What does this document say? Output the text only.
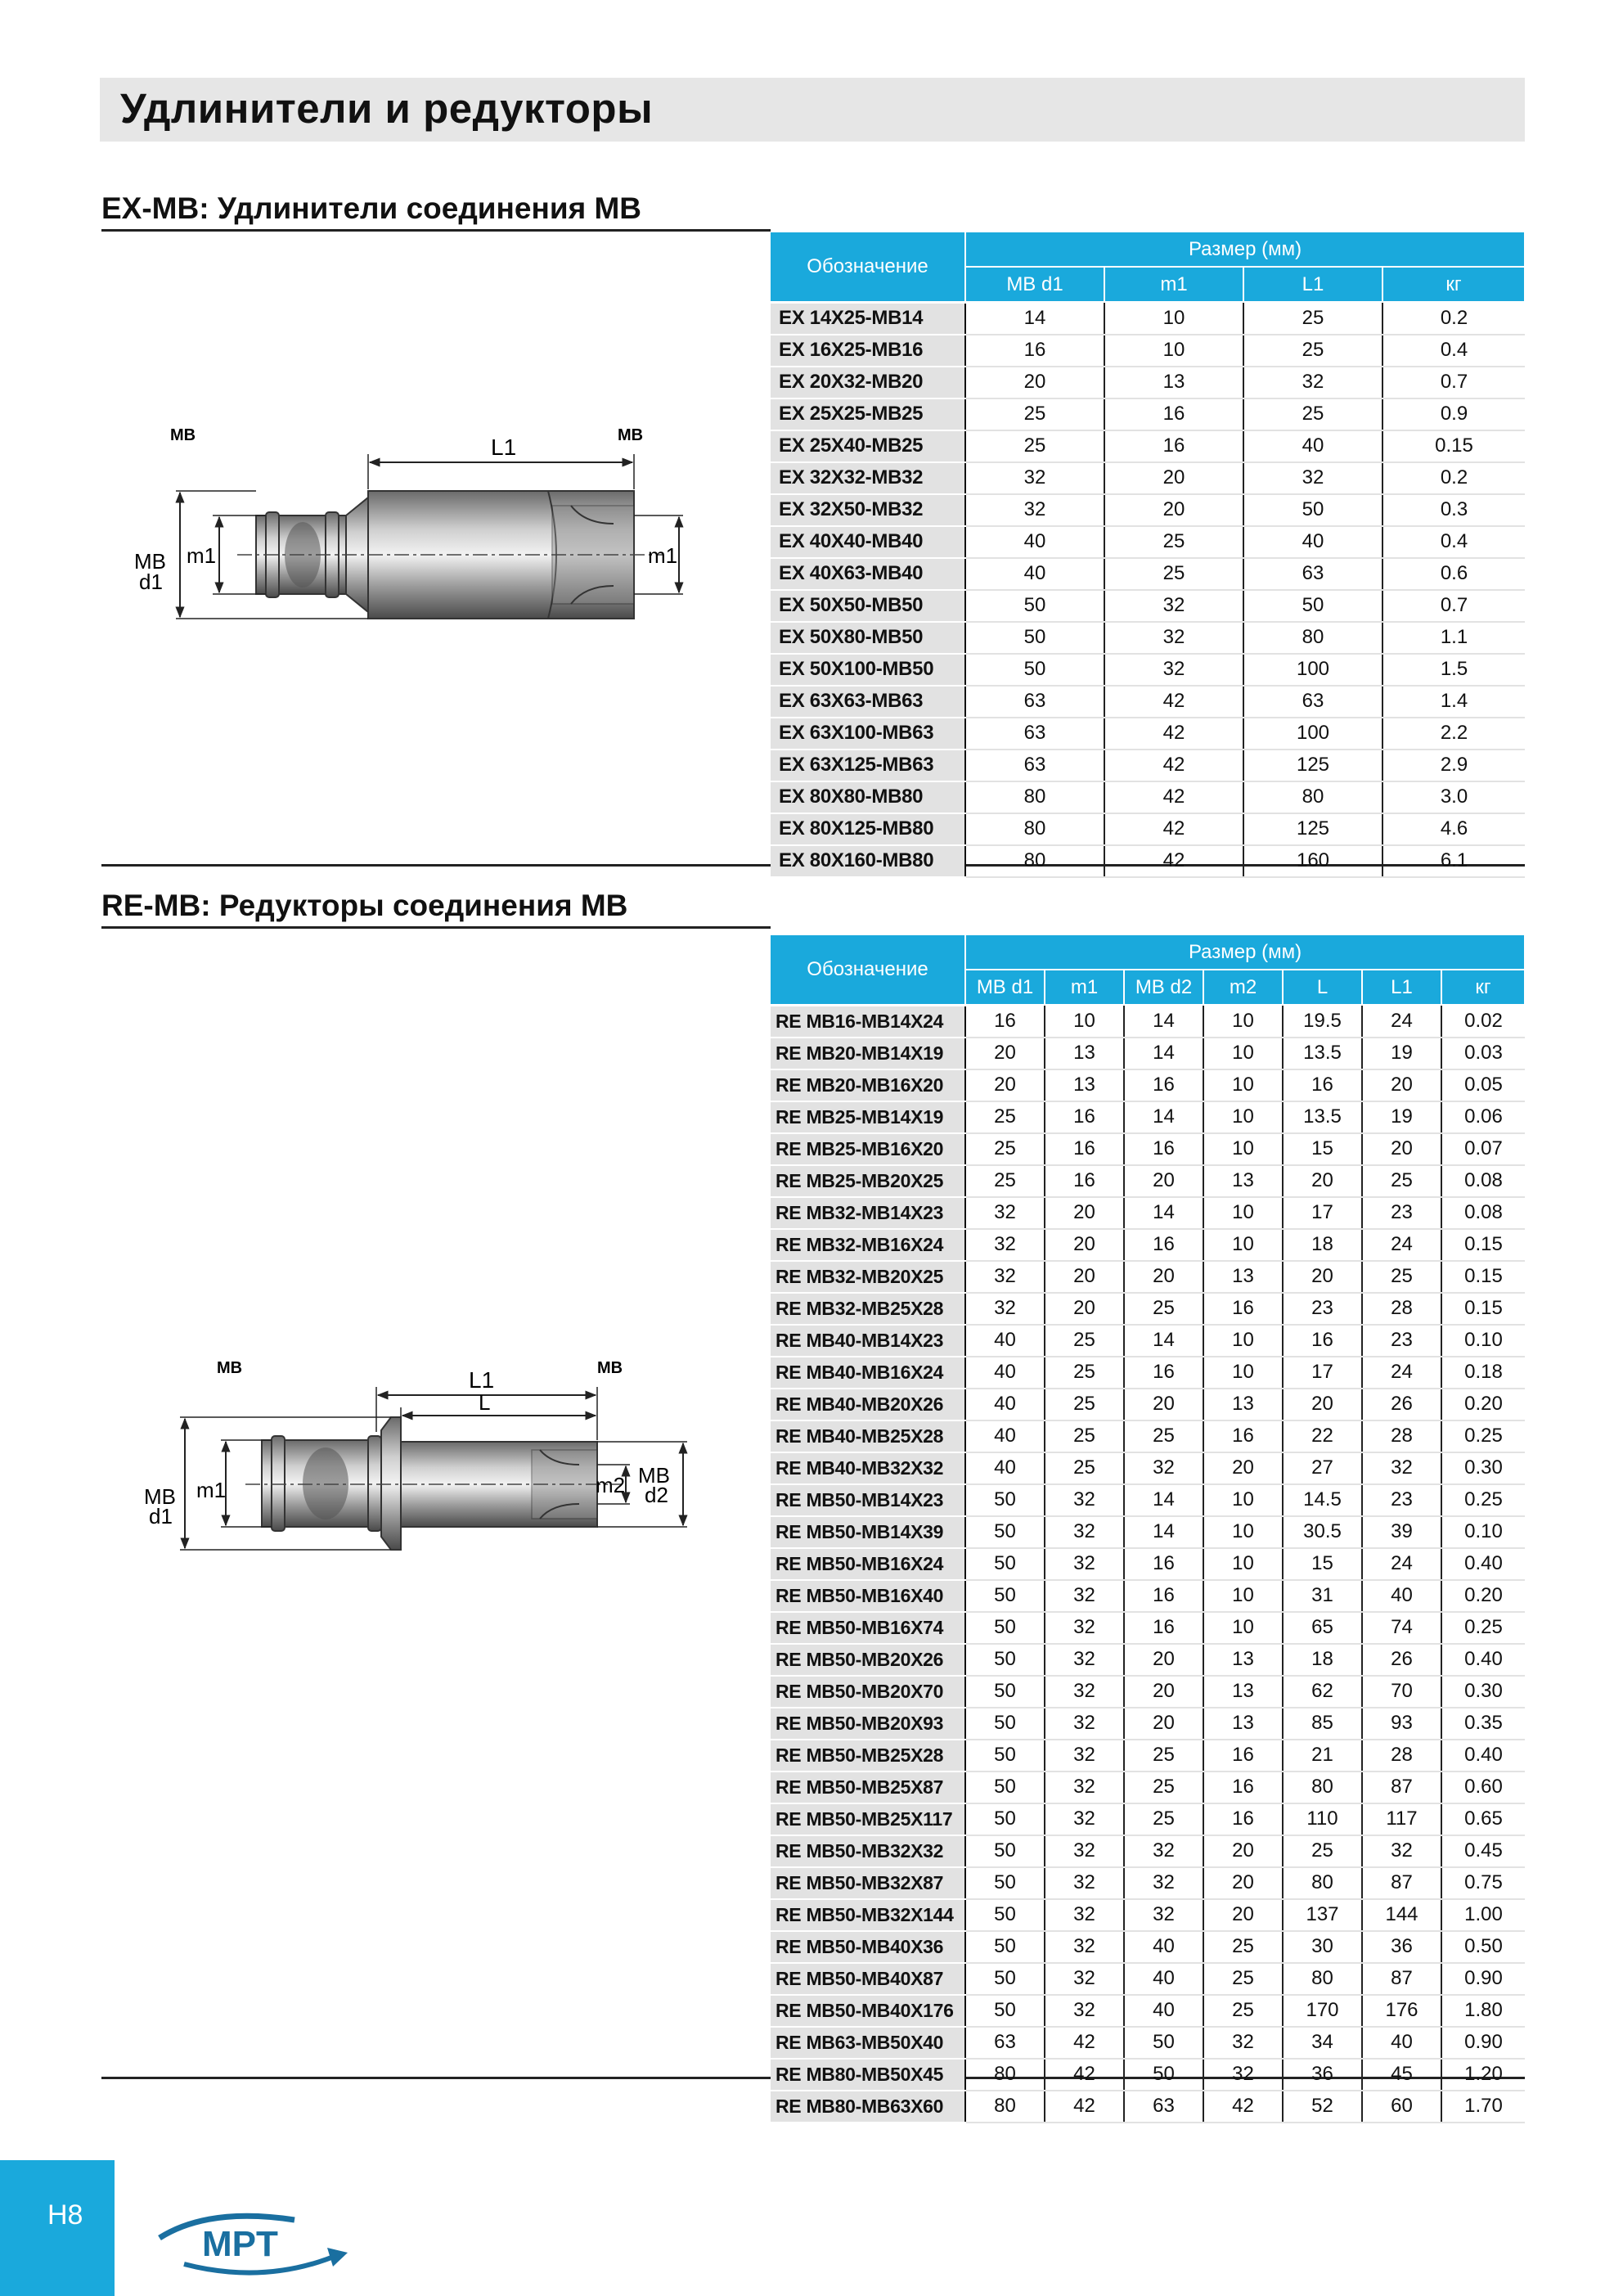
Удлинители и редукторы
EX-MB: Удлинители соединения MB
MB	MB
L1
MB
d1
m1	m1
Обозначение	Размер (мм)			
	MB d1	m1	L1	кг
EX 14X25-MB14	14	10	25	0.2
EX 16X25-MB16	16	10	25	0.4
EX 20X32-MB20	20	13	32	0.7
EX 25X25-MB25	25	16	25	0.9
EX 25X40-MB25	25	16	40	0.15
EX 32X32-MB32	32	20	32	0.2
EX 32X50-MB32	32	20	50	0.3
EX 40X40-MB40	40	25	40	0.4
EX 40X63-MB40	40	25	63	0.6
EX 50X50-MB50	50	32	50	0.7
EX 50X80-MB50	50	32	80	1.1
EX 50X100-MB50	50	32	100	1.5
EX 63X63-MB63	63	42	63	1.4
EX 63X100-MB63	63	42	100	2.2
EX 63X125-MB63	63	42	125	2.9
EX 80X80-MB80	80	42	80	3.0
EX 80X125-MB80	80	42	125	4.6
EX 80X160-MB80	80	42	160	6.1
RE-MB: Редукторы соединения MB
MB	MB
L1
L
MB
d1
m1	m2 MB
d2
Обозначение	Размер (мм)						
	MB d1	m1	MB d2	m2	L	L1	кг
RE MB16-MB14X24	16	10	14	10	19.5	24	0.02
RE MB20-MB14X19	20	13	14	10	13.5	19	0.03
RE MB20-MB16X20	20	13	16	10	16	20	0.05
RE MB25-MB14X19	25	16	14	10	13.5	19	0.06
RE MB25-MB16X20	25	16	16	10	15	20	0.07
RE MB25-MB20X25	25	16	20	13	20	25	0.08
RE MB32-MB14X23	32	20	14	10	17	23	0.08
RE MB32-MB16X24	32	20	16	10	18	24	0.15
RE MB32-MB20X25	32	20	20	13	20	25	0.15
RE MB32-MB25X28	32	20	25	16	23	28	0.15
RE MB40-MB14X23	40	25	14	10	16	23	0.10
RE MB40-MB16X24	40	25	16	10	17	24	0.18
RE MB40-MB20X26	40	25	20	13	20	26	0.20
RE MB40-MB25X28	40	25	25	16	22	28	0.25
RE MB40-MB32X32	40	25	32	20	27	32	0.30
RE MB50-MB14X23	50	32	14	10	14.5	23	0.25
RE MB50-MB14X39	50	32	14	10	30.5	39	0.10
RE MB50-MB16X24	50	32	16	10	15	24	0.40
RE MB50-MB16X40	50	32	16	10	31	40	0.20
RE MB50-MB16X74	50	32	16	10	65	74	0.25
RE MB50-MB20X26	50	32	20	13	18	26	0.40
RE MB50-MB20X70	50	32	20	13	62	70	0.30
RE MB50-MB20X93	50	32	20	13	85	93	0.35
RE MB50-MB25X28	50	32	25	16	21	28	0.40
RE MB50-MB25X87	50	32	25	16	80	87	0.60
RE MB50-MB25X117	50	32	25	16	110	117	0.65
RE MB50-MB32X32	50	32	32	20	25	32	0.45
RE MB50-MB32X87	50	32	32	20	80	87	0.75
RE MB50-MB32X144	50	32	32	20	137	144	1.00
RE MB50-MB40X36	50	32	40	25	30	36	0.50
RE MB50-MB40X87	50	32	40	25	80	87	0.90
RE MB50-MB40X176	50	32	40	25	170	176	1.80
RE MB63-MB50X40	63	42	50	32	34	40	0.90
RE MB80-MB50X45	80	42	50	32	36	45	1.20
RE MB80-MB63X60	80	42	63	42	52	60	1.70
H8
MPT
